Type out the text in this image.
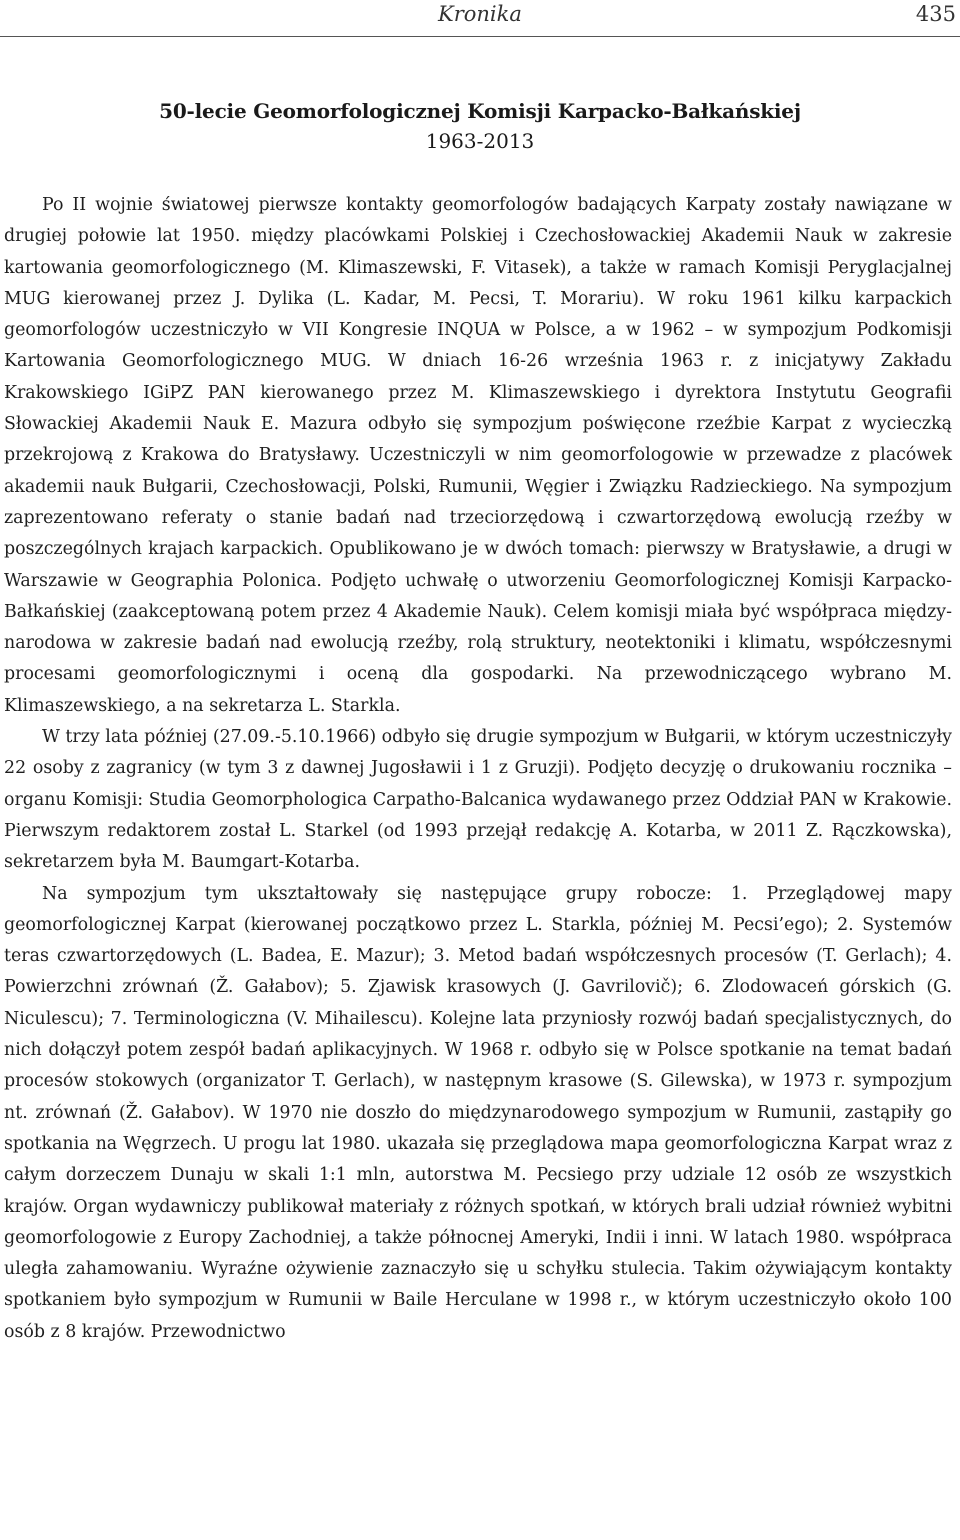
Kronika	435
50-lecie Geomorfologicznej Komisji Karpacko-Bałkańskiej
1963-2013

Po II wojnie światowej pierwsze kontakty geomorfologów badających Karpaty zostały nawiązane w drugiej połowie lat 1950. między placówkami Polskiej i Czechosłowackiej Akademii Nauk w zakresie kartowania geomorfologicznego (M. Klimaszewski, F. Vitasek), a także w ramach Komisji Peryglacjalnej MUG kierowanej przez J. Dylika (L. Kadar, M. Pecsi, T. Morariu). W roku 1961 kilku karpackich geomorfologów uczestniczyło w VII Kongresie INQUA w Polsce, a w 1962 – w sympozjum Podkomisji Kartowania Geomorfologicznego MUG. W dniach 16-26 września 1963 r. z inicjatywy Zakładu Krakowskiego IGiPZ PAN kierowanego przez M. Klimaszewskiego i dyrektora Instytutu Geografii Słowackiej Akademii Nauk E. Mazura odbyło się sympozjum poświęcone rzeźbie Karpat z wycieczką przekrojową z Krakowa do Bratysławy. Uczestniczyli w nim geomorfologowie w przewadze z placówek akademii nauk Bułgarii, Czechosłowacji, Polski, Rumunii, Węgier i Związku Radzieckiego. Na sympozjum zaprezentowano referaty o stanie badań nad trzeciorzędową i czwartorzędową ewolucją rzeźby w poszczególnych krajach karpackich. Opublikowano je w dwóch tomach: pierwszy w Bratysławie, a drugi w Warszawie w Geographia Polonica. Podjęto uchwałę o utworzeniu Geomorfologicznej Komisji Karpacko-Bałkańskiej (zaakceptowaną potem przez 4 Akademie Nauk). Celem komisji miała być współpraca międzynarodowa w zakresie badań nad ewolucją rzeźby, rolą struktury, neotektoniki i klimatu, współczesnymi procesami geomorfologicznymi i oceną dla gospodarki. Na przewodniczącego wybrano M. Klimaszewskiego, a na sekretarza L. Starkla.

W trzy lata później (27.09.-5.10.1966) odbyło się drugie sympozjum w Bułgarii, w którym uczestniczyły 22 osoby z zagranicy (w tym 3 z dawnej Jugosławii i 1 z Gruzji). Podjęto decyzję o drukowaniu rocznika – organu Komisji: Studia Geomorphologica Carpatho-Balcanica wydawanego przez Oddział PAN w Krakowie. Pierwszym redaktorem został L. Starkel (od 1993 przejął redakcję A. Kotarba, w 2011 Z. Rączkowska), sekretarzem była M. Baumgart-Kotarba.

Na sympozjum tym ukształtowały się następujące grupy robocze: 1. Przeglądowej mapy geomorfologicznej Karpat (kierowanej początkowo przez L. Starkla, później M. Pecsi’ego); 2. Systemów teras czwartorzędowych (L. Badea, E. Mazur); 3. Metod badań współczesnych procesów (T. Gerlach); 4. Powierzchni zrównań (Ž. Gałabov); 5. Zjawisk krasowych (J. Gavrilovič); 6. Zlodowaceń górskich (G. Niculescu); 7. Terminologiczna (V. Mihailescu). Kolejne lata przyniosły rozwój badań specjalistycznych, do nich dołączył potem zespół badań aplikacyjnych. W 1968 r. odbyło się w Polsce spotkanie na temat badań procesów stokowych (organizator T. Gerlach), w następnym krasowe (S. Gilewska), w 1973 r. sympozjum nt. zrównań (Ž. Gałabov). W 1970 nie doszło do międzynarodowego sympozjum w Rumunii, zastąpiły go spotkania na Węgrzech. U progu lat 1980. ukazała się przeglądowa mapa geomorfologiczna Karpat wraz z całym dorzeczem Dunaju w skali 1:1 mln, autorstwa M. Pecsiego przy udziale 12 osób ze wszystkich krajów. Organ wydawniczy publikował materiały z różnych spotkań, w których brali udział również wybitni geomorfologowie z Europy Zachodniej, a także północnej Ameryki, Indii i inni. W latach 1980. współpraca uległa zahamowaniu. Wyraźne ożywienie zaznaczyło się u schyłku stulecia. Takim ożywiającym kontakty spotkaniem było sympozjum w Rumunii w Baile Herculane w 1998 r., w którym uczestniczyło około 100 osób z 8 krajów. Przewodnictwo
